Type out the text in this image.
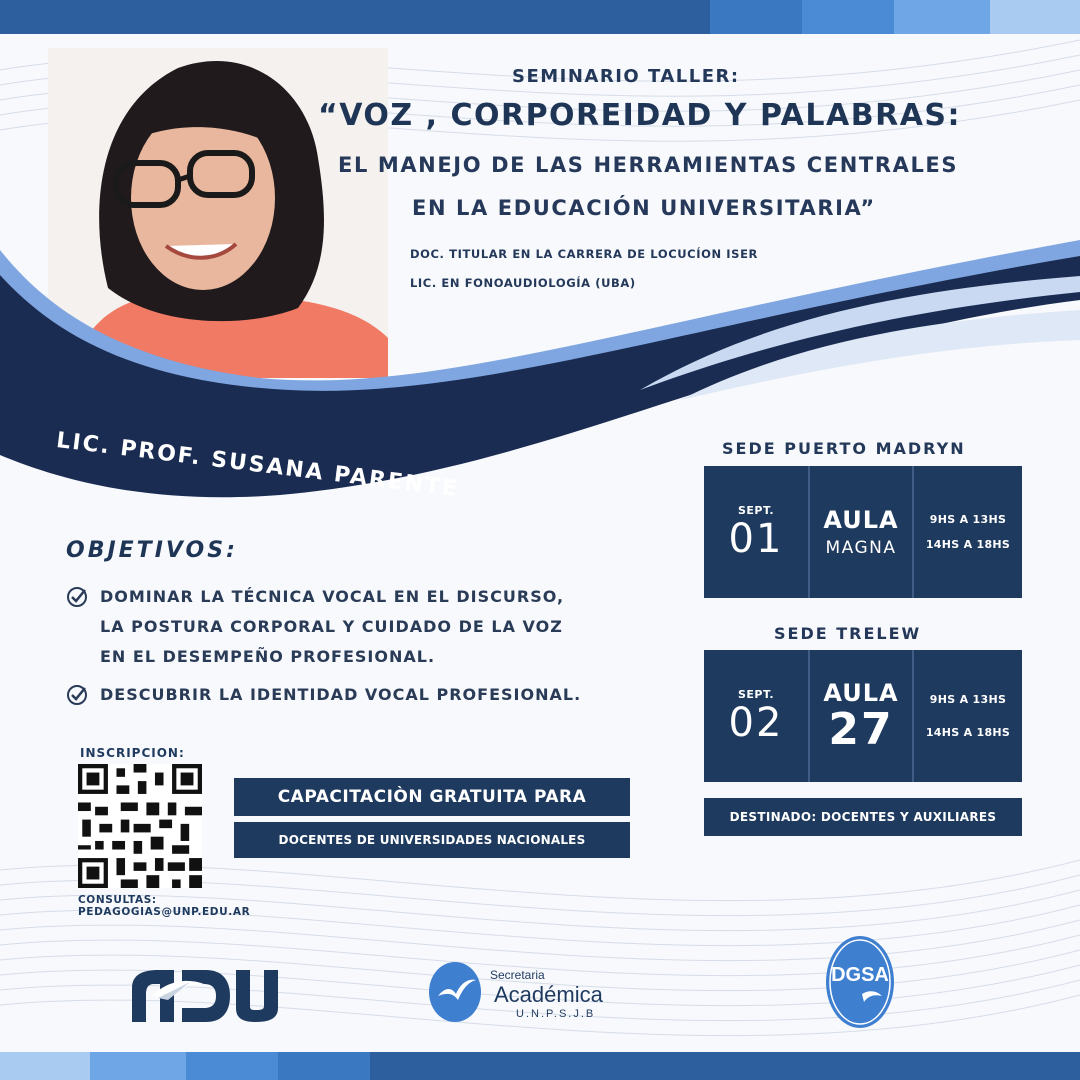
SEMINARIO TALLER:
“VOZ , CORPOREIDAD Y PALABRAS:
EL MANEJO DE LAS HERRAMIENTAS CENTRALES
EN LA EDUCACIÓN UNIVERSITARIA”
DOC. TITULAR EN LA CARRERA DE LOCUCÍON ISER
LIC. EN FONOAUDIOLOGÍA (UBA)
LIC. PROF. SUSANA PARENTE
OBJETIVOS:
DOMINAR LA TÉCNICA VOCAL EN EL DISCURSO,
LA POSTURA CORPORAL Y CUIDADO DE LA VOZ
EN EL DESEMPEÑO PROFESIONAL.
DESCUBRIR LA IDENTIDAD VOCAL PROFESIONAL.
SEDE PUERTO MADRYN
SEPT.
01 AULA
MAGNA
9HS A 13HS
14HS A 18HS
SEDE TRELEW
SEPT.
02
AULA
27
9HS A 13HS
14HS A 18HS
DESTINADO: DOCENTES Y AUXILIARES
CAPACITACIÒN GRATUITA PARA
DOCENTES DE UNIVERSIDADES NACIONALES
INSCRIPCION:
CONSULTAS:
PEDAGOGIAS@UNP.EDU.AR
Secretaria
Académica
U.N.P.S.J.B
DGSA
